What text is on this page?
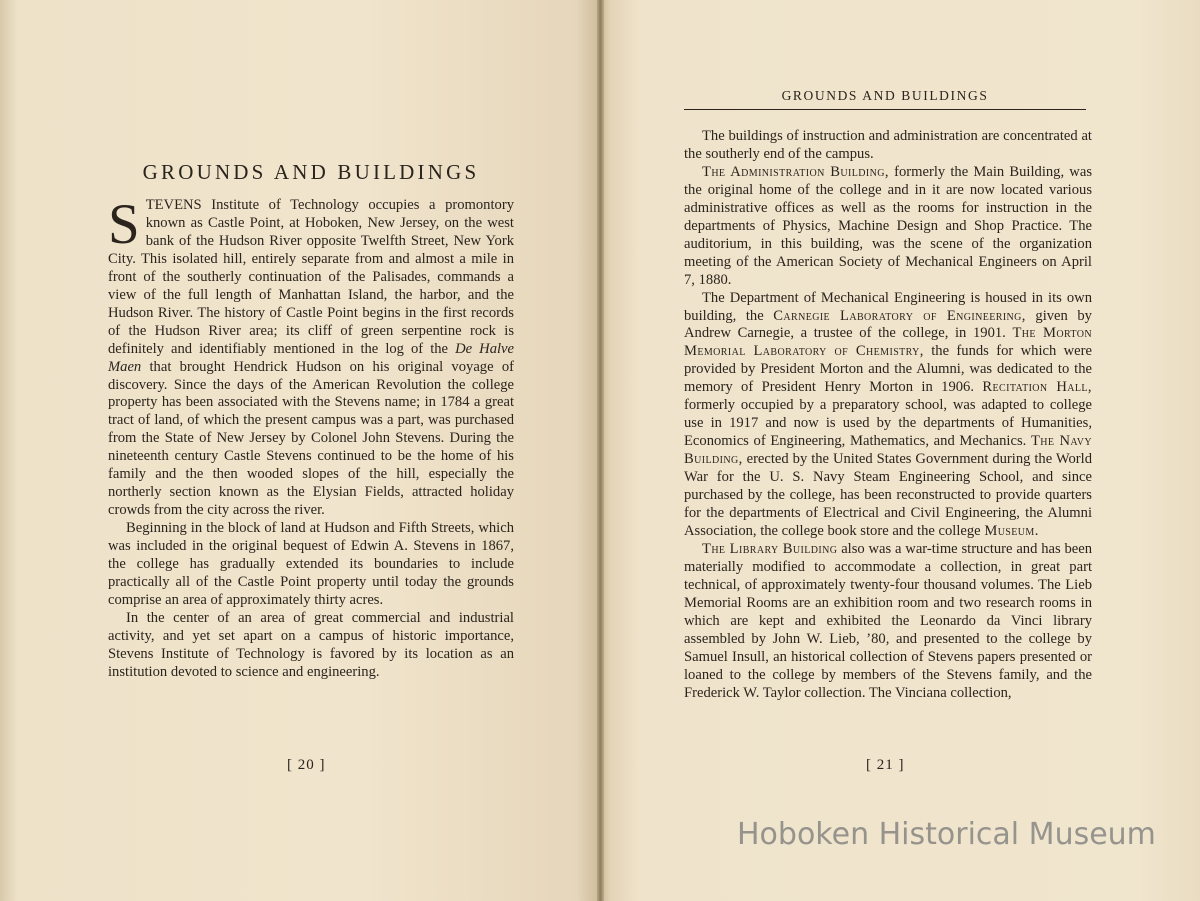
GROUNDS AND BUILDINGS

STEVENS Institute of Technology occupies a promontory known as Castle Point, at Hoboken, New Jersey, on the west bank of the Hudson River opposite Twelfth Street, New York City. This isolated hill, entirely separate from and almost a mile in front of the southerly continuation of the Palisades, commands a view of the full length of Manhattan Island, the harbor, and the Hudson River. The history of Castle Point begins in the first records of the Hudson River area; its cliff of green serpentine rock is definitely and identifiably mentioned in the log of the De Halve Maen that brought Hendrick Hudson on his original voyage of discovery. Since the days of the American Revolution the college property has been associated with the Stevens name; in 1784 a great tract of land, of which the present campus was a part, was purchased from the State of New Jersey by Colonel John Stevens. During the nineteenth century Castle Stevens continued to be the home of his family and the then wooded slopes of the hill, especially the northerly section known as the Elysian Fields, attracted holiday crowds from the city across the river.

Beginning in the block of land at Hudson and Fifth Streets, which was included in the original bequest of Edwin A. Stevens in 1867, the college has gradually extended its boundaries to include practically all of the Castle Point property until today the grounds comprise an area of approximately thirty acres.

In the center of an area of great commercial and industrial activity, and yet set apart on a campus of historic importance, Stevens Institute of Technology is favored by its location as an institution devoted to science and engineering.

[ 20 ]
GROUNDS AND BUILDINGS

The buildings of instruction and administration are concentrated at the southerly end of the campus.

The Administration Building, formerly the Main Building, was the original home of the college and in it are now located various administrative offices as well as the rooms for instruction in the departments of Physics, Machine Design and Shop Practice. The auditorium, in this building, was the scene of the organization meeting of the American Society of Mechanical Engineers on April 7, 1880.

The Department of Mechanical Engineering is housed in its own building, the Carnegie Laboratory of Engineering, given by Andrew Carnegie, a trustee of the college, in 1901. The Morton Memorial Laboratory of Chemistry, the funds for which were provided by President Morton and the Alumni, was dedicated to the memory of President Henry Morton in 1906. Recitation Hall, formerly occupied by a preparatory school, was adapted to college use in 1917 and now is used by the departments of Humanities, Economics of Engineering, Mathematics, and Mechanics. The Navy Building, erected by the United States Government during the World War for the U. S. Navy Steam Engineering School, and since purchased by the college, has been reconstructed to provide quarters for the departments of Electrical and Civil Engineering, the Alumni Association, the college book store and the college Museum.

The Library Building also was a war-time structure and has been materially modified to accommodate a collection, in great part technical, of approximately twenty-four thousand volumes. The Lieb Memorial Rooms are an exhibition room and two research rooms in which are kept and exhibited the Leonardo da Vinci library assembled by John W. Lieb, ’80, and presented to the college by Samuel Insull, an historical collection of Stevens papers presented or loaned to the college by members of the Stevens family, and the Frederick W. Taylor collection. The Vinciana collection,

[ 21 ]
Hoboken Historical Museum
